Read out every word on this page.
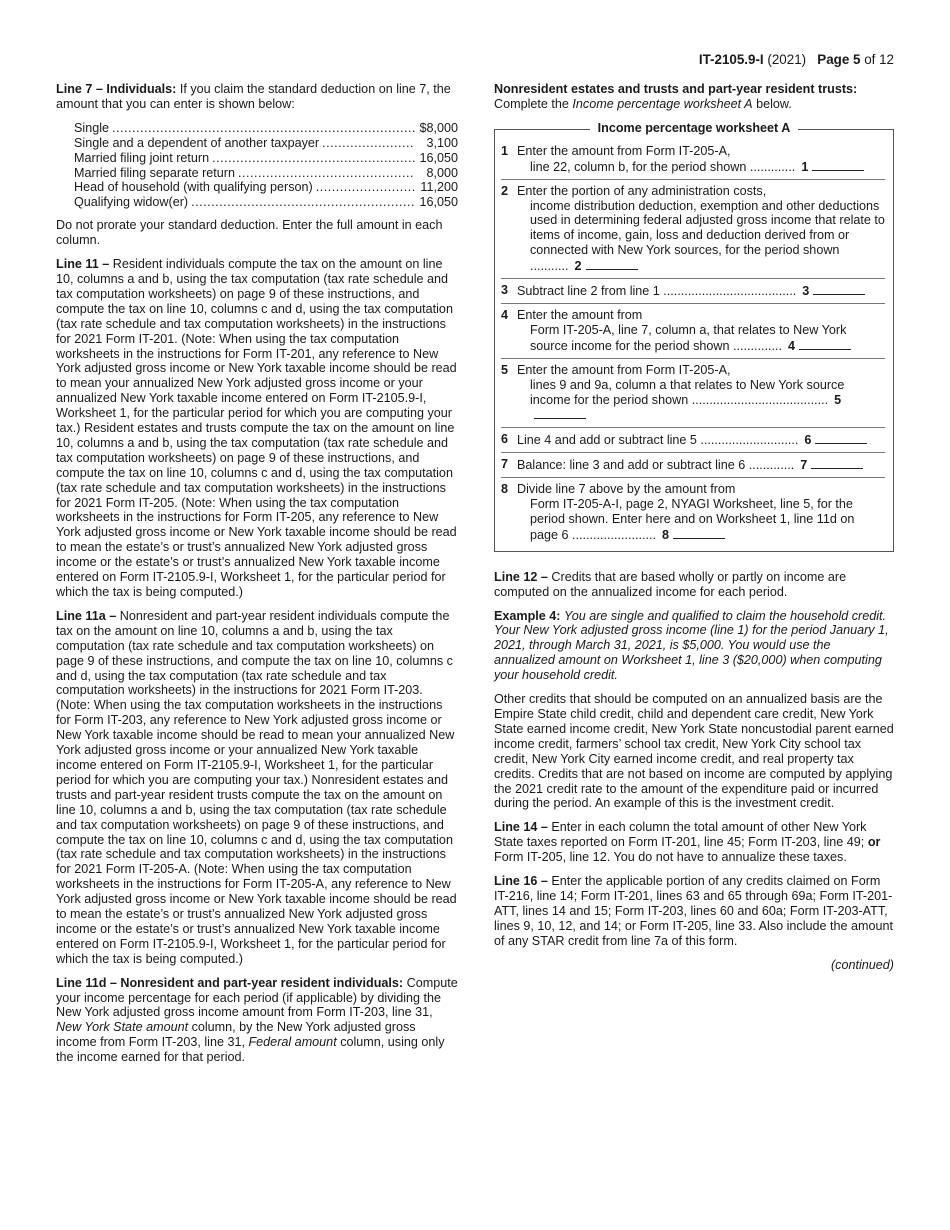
IT-2105.9-I (2021) Page 5 of 12

Line 7 – Individuals: If you claim the standard deduction on line 7, the amount that you can enter is shown below:

Single .....	$8,000
Single and a dependent of another taxpayer .....	3,100
Married filing joint return .....	16,050
Married filing separate return .....	8,000
Head of household (with qualifying person) .....	11,200
Qualifying widow(er) .....	16,050

Do not prorate your standard deduction. Enter the full amount in each column.

Line 11 – Resident individuals compute the tax on the amount on line 10, columns a and b, using the tax computation (tax rate schedule and tax computation worksheets) on page 9 of these instructions, and compute the tax on line 10, columns c and d, using the tax computation (tax rate schedule and tax computation worksheets) in the instructions for 2021 Form IT-201. (Note: When using the tax computation worksheets in the instructions for Form IT-201, any reference to New York adjusted gross income or New York taxable income should be read to mean your annualized New York adjusted gross income or your annualized New York taxable income entered on Form IT-2105.9-I, Worksheet 1, for the particular period for which you are computing your tax.) Resident estates and trusts compute the tax on the amount on line 10, columns a and b, using the tax computation (tax rate schedule and tax computation worksheets) on page 9 of these instructions, and compute the tax on line 10, columns c and d, using the tax computation (tax rate schedule and tax computation worksheets) in the instructions for 2021 Form IT-205. (Note: When using the tax computation worksheets in the instructions for Form IT-205, any reference to New York adjusted gross income or New York taxable income should be read to mean the estate’s or trust’s annualized New York adjusted gross income or the estate’s or trust’s annualized New York taxable income entered on Form IT-2105.9-I, Worksheet 1, for the particular period for which the tax is being computed.)

Line 11a – Nonresident and part-year resident individuals compute the tax on the amount on line 10, columns a and b, using the tax computation (tax rate schedule and tax computation worksheets) on page 9 of these instructions, and compute the tax on line 10, columns c and d, using the tax computation (tax rate schedule and tax computation worksheets) in the instructions for 2021 Form IT-203. (Note: When using the tax computation worksheets in the instructions for Form IT-203, any reference to New York adjusted gross income or New York taxable income should be read to mean your annualized New York adjusted gross income or your annualized New York taxable income entered on Form IT-2105.9-I, Worksheet 1, for the particular period for which you are computing your tax.) Nonresident estates and trusts and part-year resident trusts compute the tax on the amount on line 10, columns a and b, using the tax computation (tax rate schedule and tax computation worksheets) on page 9 of these instructions, and compute the tax on line 10, columns c and d, using the tax computation (tax rate schedule and tax computation worksheets) in the instructions for 2021 Form IT-205-A. (Note: When using the tax computation worksheets in the instructions for Form IT-205-A, any reference to New York adjusted gross income or New York taxable income should be read to mean the estate’s or trust’s annualized New York adjusted gross income or the estate’s or trust’s annualized New York taxable income entered on Form IT-2105.9-I, Worksheet 1, for the particular period for which the tax is being computed.)

Line 11d – Nonresident and part-year resident individuals: Compute your income percentage for each period (if applicable) by dividing the New York adjusted gross income amount from Form IT-203, line 31, New York State amount column, by the New York adjusted gross income from Form IT-203, line 31, Federal amount column, using only the income earned for that period.

Nonresident estates and trusts and part-year resident trusts:
Complete the Income percentage worksheet A below.

Income percentage worksheet A
1 Enter the amount from Form IT-205-A,
line 22, column b, for the period shown ............. 1
2 Enter the portion of any administration costs,
income distribution deduction, exemption and other deductions used in determining federal adjusted gross income that relate to items of income, gain, loss and deduction derived from or connected with New York sources, for the period shown ........... 2
3 Subtract line 2 from line 1 ...................................... 3
4 Enter the amount from
Form IT-205-A, line 7, column a, that relates to New York source income for the period shown .............. 4
5 Enter the amount from Form IT-205-A,
lines 9 and 9a, column a that relates to New York source income for the period shown ....................................... 5
6 Line 4 and add or subtract line 5 ............................ 6
7 Balance: line 3 and add or subtract line 6 ............. 7
8 Divide line 7 above by the amount from
Form IT-205-A-I, page 2, NYAGI Worksheet, line 5, for the period shown. Enter here and on Worksheet 1, line 11d on page 6 ........................ 8

Line 12 – Credits that are based wholly or partly on income are computed on the annualized income for each period.

Example 4: You are single and qualified to claim the household credit. Your New York adjusted gross income (line 1) for the period January 1, 2021, through March 31, 2021, is $5,000. You would use the annualized amount on Worksheet 1, line 3 ($20,000) when computing your household credit.

Other credits that should be computed on an annualized basis are the Empire State child credit, child and dependent care credit, New York State earned income credit, New York State noncustodial parent earned income credit, farmers’ school tax credit, New York City school tax credit, New York City earned income credit, and real property tax credits. Credits that are not based on income are computed by applying the 2021 credit rate to the amount of the expenditure paid or incurred during the period. An example of this is the investment credit.

Line 14 – Enter in each column the total amount of other New York State taxes reported on Form IT-201, line 45; Form IT-203, line 49; or Form IT-205, line 12. You do not have to annualize these taxes.

Line 16 – Enter the applicable portion of any credits claimed on Form IT-216, line 14; Form IT-201, lines 63 and 65 through 69a; Form IT-201-ATT, lines 14 and 15; Form IT-203, lines 60 and 60a; Form IT-203-ATT, lines 9, 10, 12, and 14; or Form IT-205, line 33. Also include the amount of any STAR credit from line 7a of this form.

(continued)
